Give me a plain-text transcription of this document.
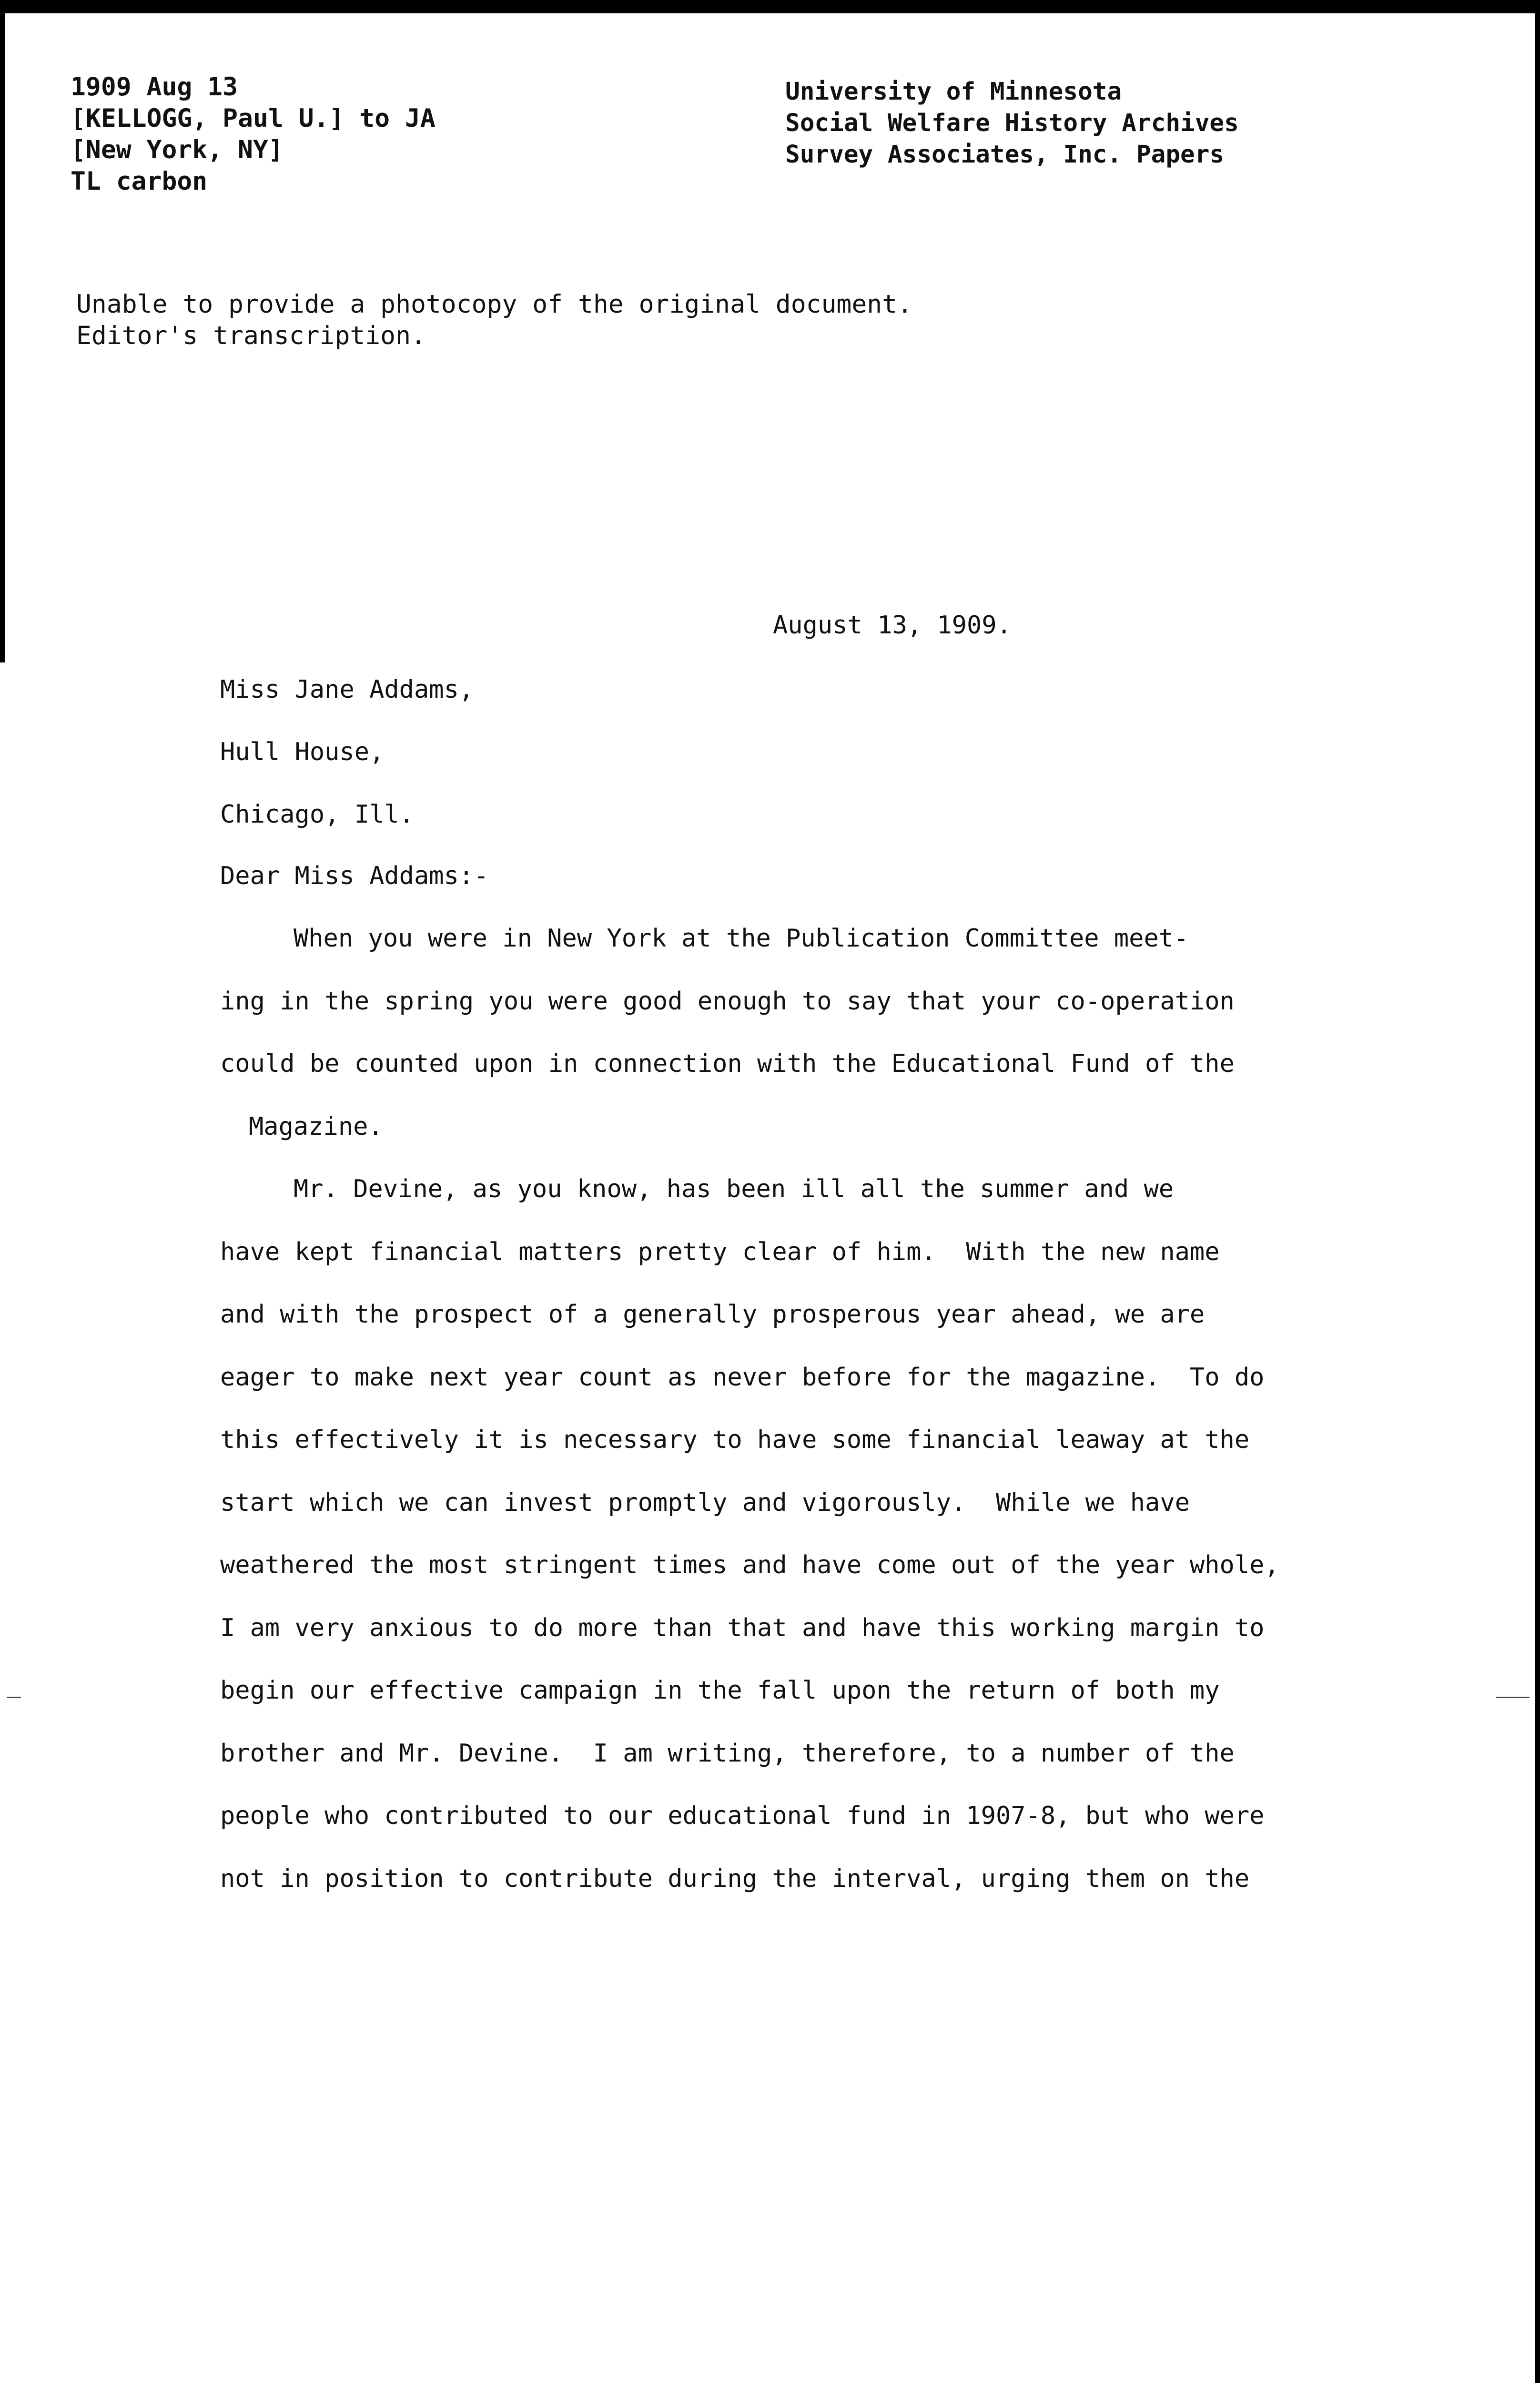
1909 Aug 13
[KELLOGG, Paul U.] to JA
[New York, NY]
TL carbon
University of Minnesota
Social Welfare History Archives
Survey Associates, Inc. Papers
Unable to provide a photocopy of the original document.
Editor's transcription.
August 13, 1909.
Miss Jane Addams,
Hull House,
Chicago, Ill.
Dear Miss Addams:-
When you were in New York at the Publication Committee meet-
ing in the spring you were good enough to say that your co-operation
could be counted upon in connection with the Educational Fund of the
Magazine.
Mr. Devine, as you know, has been ill all the summer and we
have kept financial matters pretty clear of him.  With the new name
and with the prospect of a generally prosperous year ahead, we are
eager to make next year count as never before for the magazine.  To do
this effectively it is necessary to have some financial leaway at the
start which we can invest promptly and vigorously.  While we have
weathered the most stringent times and have come out of the year whole,
I am very anxious to do more than that and have this working margin to
begin our effective campaign in the fall upon the return of both my
brother and Mr. Devine.  I am writing, therefore, to a number of the
people who contributed to our educational fund in 1907-8, but who were
not in position to contribute during the interval, urging them on the
